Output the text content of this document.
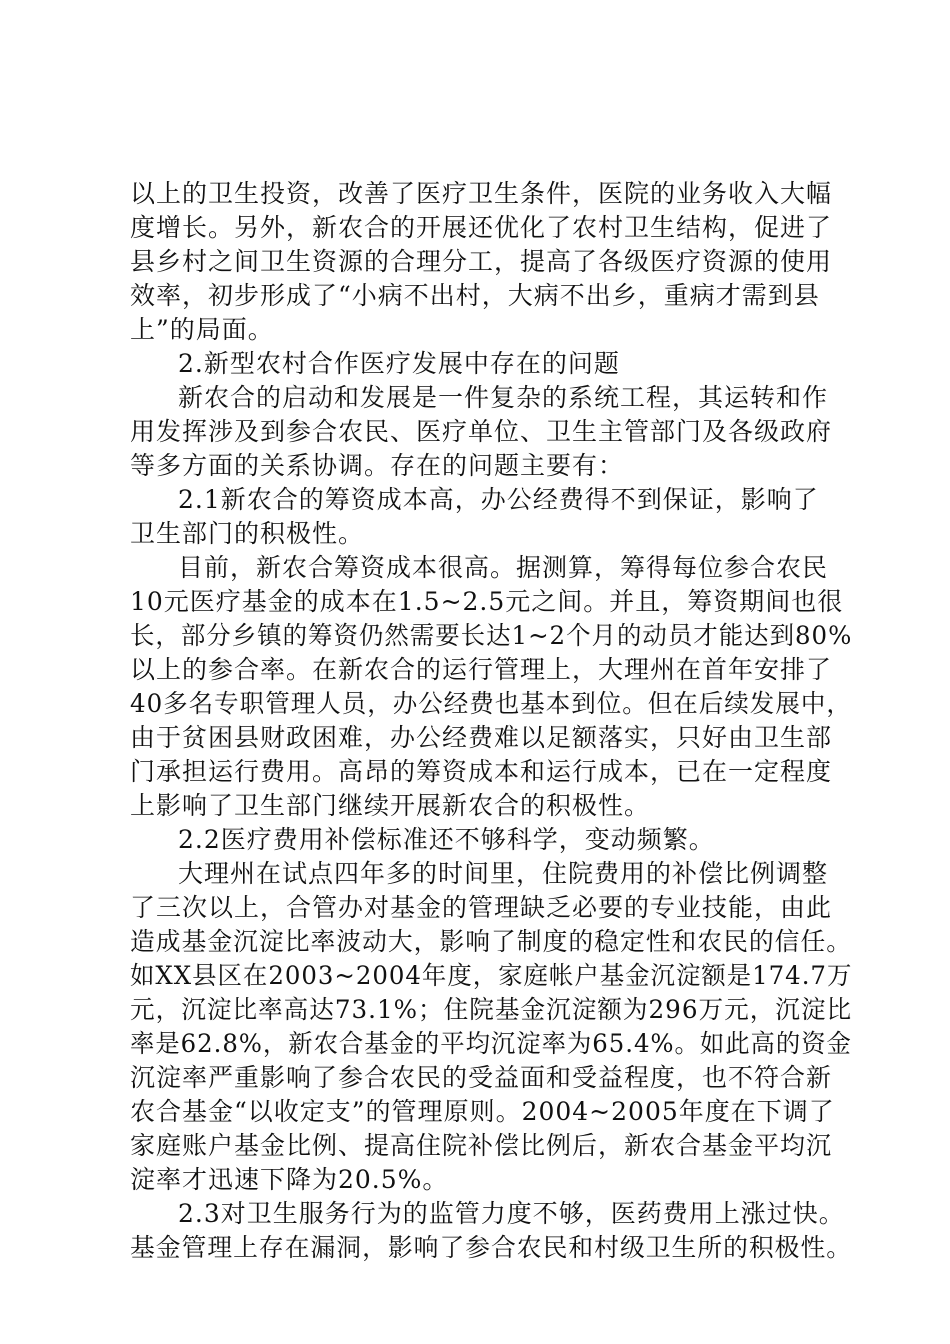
以上的卫生投资，改善了医疗卫生条件，医院的业务收入大幅
度增长。另外，新农合的开展还优化了农村卫生结构，促进了
县乡村之间卫生资源的合理分工，提高了各级医疗资源的使用
效率，初步形成了“小病不出村，大病不出乡，重病才需到县
上”的局面。
2.新型农村合作医疗发展中存在的问题
新农合的启动和发展是一件复杂的系统工程，其运转和作
用发挥涉及到参合农民、医疗单位、卫生主管部门及各级政府
等多方面的关系协调。存在的问题主要有：
2.1新农合的筹资成本高，办公经费得不到保证，影响了
卫生部门的积极性。
目前，新农合筹资成本很高。据测算，筹得每位参合农民
10元医疗基金的成本在1.5~2.5元之间。并且，筹资期间也很
长，部分乡镇的筹资仍然需要长达1~2个月的动员才能达到80%
以上的参合率。在新农合的运行管理上，大理州在首年安排了
40多名专职管理人员，办公经费也基本到位。但在后续发展中，
由于贫困县财政困难，办公经费难以足额落实，只好由卫生部
门承担运行费用。高昂的筹资成本和运行成本，已在一定程度
上影响了卫生部门继续开展新农合的积极性。
2.2医疗费用补偿标准还不够科学，变动频繁。
大理州在试点四年多的时间里，住院费用的补偿比例调整
了三次以上，合管办对基金的管理缺乏必要的专业技能，由此
造成基金沉淀比率波动大，影响了制度的稳定性和农民的信任。
如XX县区在2003~2004年度，家庭帐户基金沉淀额是174.7万
元，沉淀比率高达73.1%；住院基金沉淀额为296万元，沉淀比
率是62.8%，新农合基金的平均沉淀率为65.4%。如此高的资金
沉淀率严重影响了参合农民的受益面和受益程度，也不符合新
农合基金“以收定支”的管理原则。2004~2005年度在下调了
家庭账户基金比例、提高住院补偿比例后，新农合基金平均沉
淀率才迅速下降为20.5%。
2.3对卫生服务行为的监管力度不够，医药费用上涨过快。
基金管理上存在漏洞，影响了参合农民和村级卫生所的积极性。
